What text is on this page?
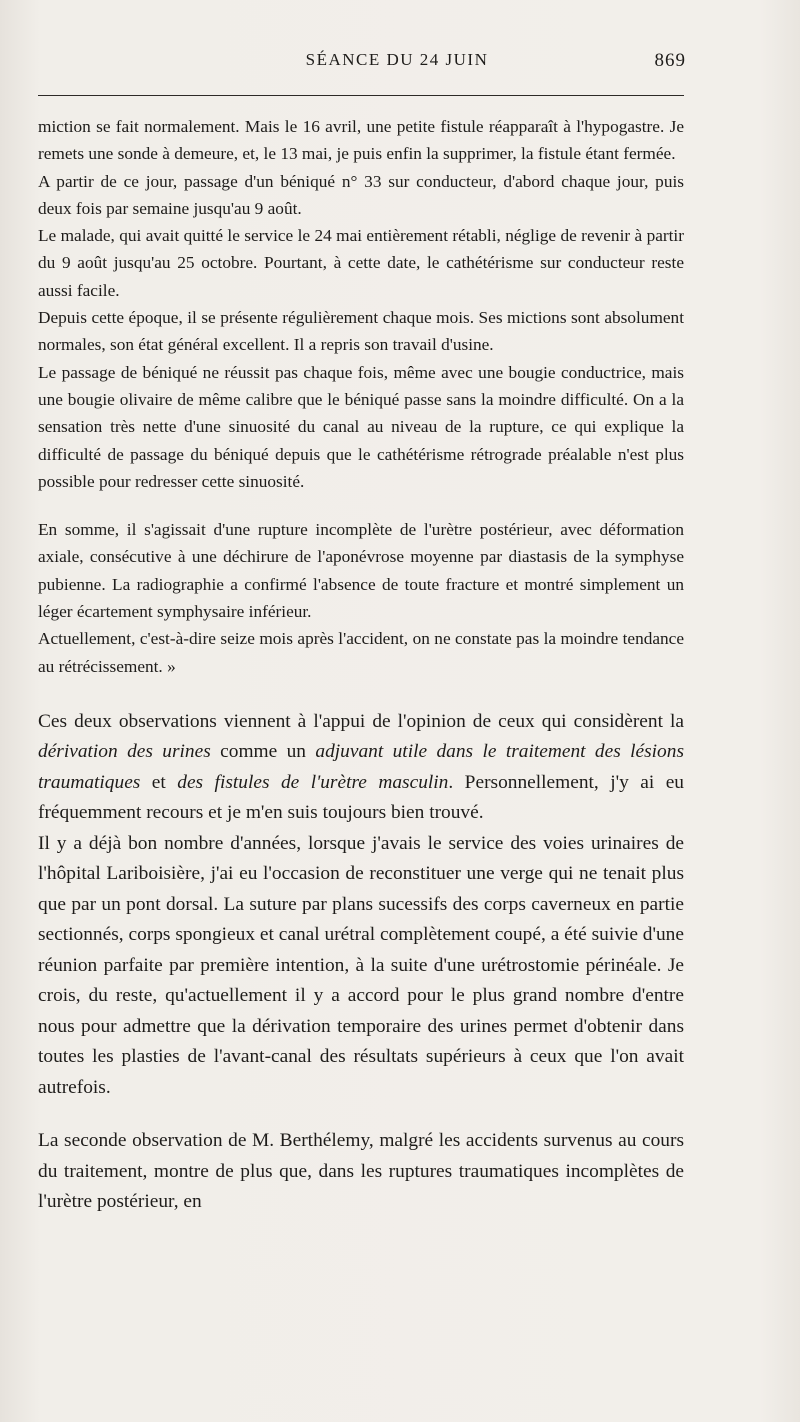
SÉANCE DU 24 JUIN	869

miction se fait normalement. Mais le 16 avril, une petite fistule réapparaît à l'hypogastre. Je remets une sonde à demeure, et, le 13 mai, je puis enfin la supprimer, la fistule étant fermée.

A partir de ce jour, passage d'un béniqué n° 33 sur conducteur, d'abord chaque jour, puis deux fois par semaine jusqu'au 9 août.

Le malade, qui avait quitté le service le 24 mai entièrement rétabli, néglige de revenir à partir du 9 août jusqu'au 25 octobre. Pourtant, à cette date, le cathétérisme sur conducteur reste aussi facile.

Depuis cette époque, il se présente régulièrement chaque mois. Ses mictions sont absolument normales, son état général excellent. Il a repris son travail d'usine.

Le passage de béniqué ne réussit pas chaque fois, même avec une bougie conductrice, mais une bougie olivaire de même calibre que le béniqué passe sans la moindre difficulté. On a la sensation très nette d'une sinuosité du canal au niveau de la rupture, ce qui explique la difficulté de passage du béniqué depuis que le cathétérisme rétrograde préalable n'est plus possible pour redresser cette sinuosité.

En somme, il s'agissait d'une rupture incomplète de l'urètre postérieur, avec déformation axiale, consécutive à une déchirure de l'aponévrose moyenne par diastasis de la symphyse pubienne. La radiographie a confirmé l'absence de toute fracture et montré simplement un léger écartement symphysaire inférieur.

Actuellement, c'est-à-dire seize mois après l'accident, on ne constate pas la moindre tendance au rétrécissement. »

Ces deux observations viennent à l'appui de l'opinion de ceux qui considèrent la dérivation des urines comme un adjuvant utile dans le traitement des lésions traumatiques et des fistules de l'urètre masculin. Personnellement, j'y ai eu fréquemment recours et je m'en suis toujours bien trouvé.

Il y a déjà bon nombre d'années, lorsque j'avais le service des voies urinaires de l'hôpital Lariboisière, j'ai eu l'occasion de reconstituer une verge qui ne tenait plus que par un pont dorsal. La suture par plans sucessifs des corps caverneux en partie sectionnés, corps spongieux et canal urétral complètement coupé, a été suivie d'une réunion parfaite par première intention, à la suite d'une urétrostomie périnéale. Je crois, du reste, qu'actuellement il y a accord pour le plus grand nombre d'entre nous pour admettre que la dérivation temporaire des urines permet d'obtenir dans toutes les plasties de l'avant-canal des résultats supérieurs à ceux que l'on avait autrefois.

La seconde observation de M. Berthélemy, malgré les accidents survenus au cours du traitement, montre de plus que, dans les ruptures traumatiques incomplètes de l'urètre postérieur, en
